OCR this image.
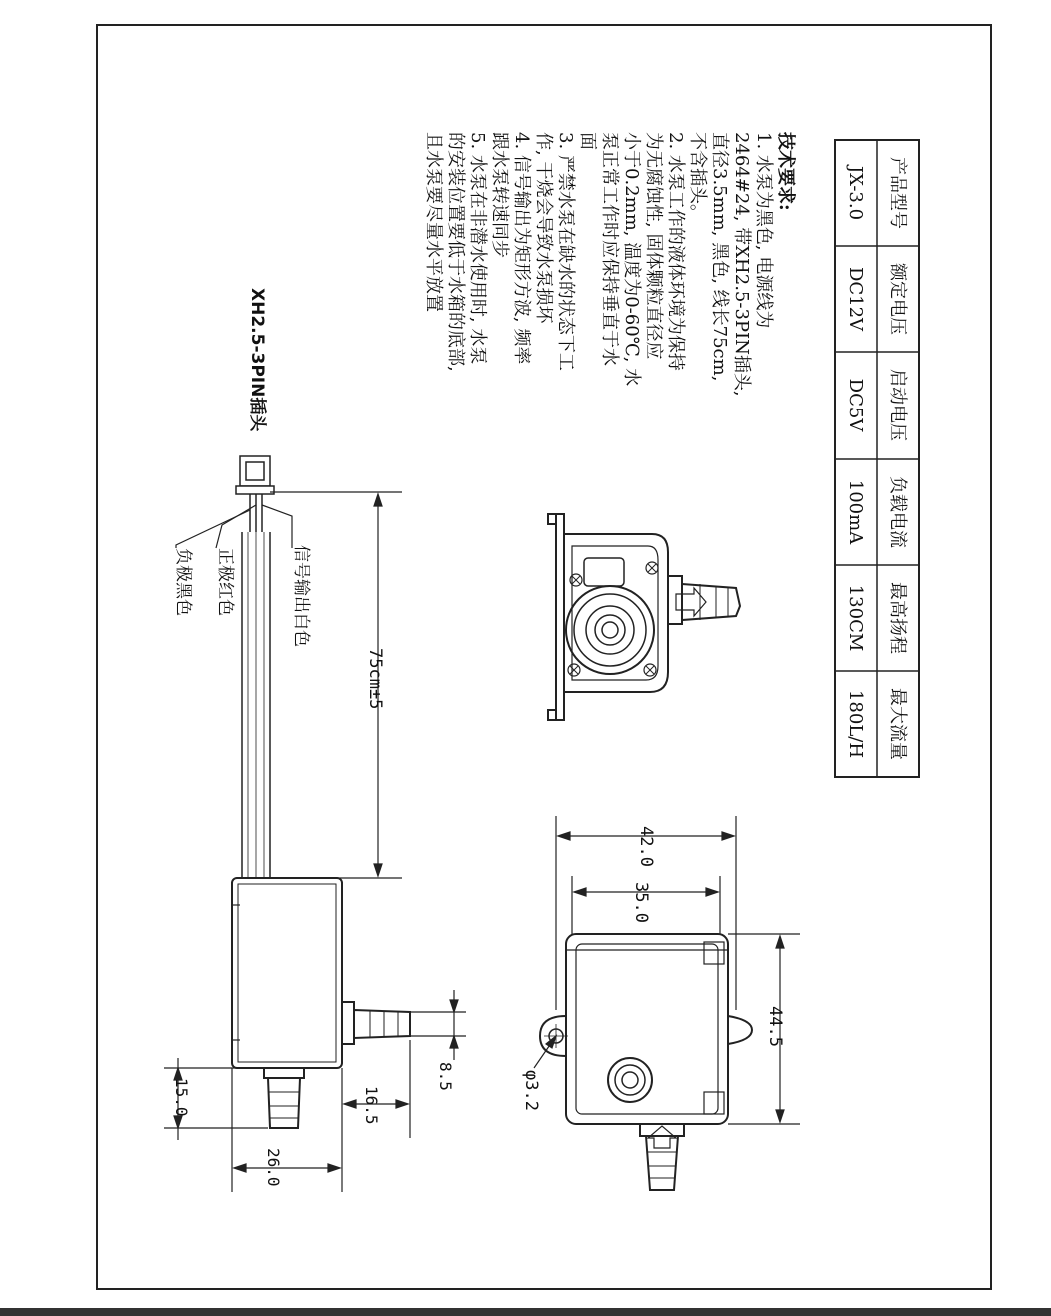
产品型号
额定电压
启动电压
负载电流
最高扬程
最大流量
JX-3.0
DC12V
DC5V
100mA
130CM
180L/H
技术要求:
1. 水泵为黑色, 电源线为
2464#24, 带XH2.5-3PIN插头,
直径3.5mm, 黑色, 线长75cm,
不含插头。
2. 水泵工作的液体环境为保持
为无腐蚀性, 固体颗粒直径应
小于0.2mm, 温度为0-60℃, 水
泵正常工作时应保持垂直于水
面
3. 严禁水泵在缺水的状态下工
作, 干烧会导致水泵损坏
4. 信号输出为矩形方波, 频率
跟水泵转速同步
5. 水泵在非潜水使用时, 水泵
的安装位置要低于水箱的底部,
且水泵要尽量水平放置
XH2.5-3PIN插头
信号输出白色
正极红色
负极黑色
75cm±5
8.5
16.5
15.0
26.0
42.0
35.0
44.5
φ3.2
